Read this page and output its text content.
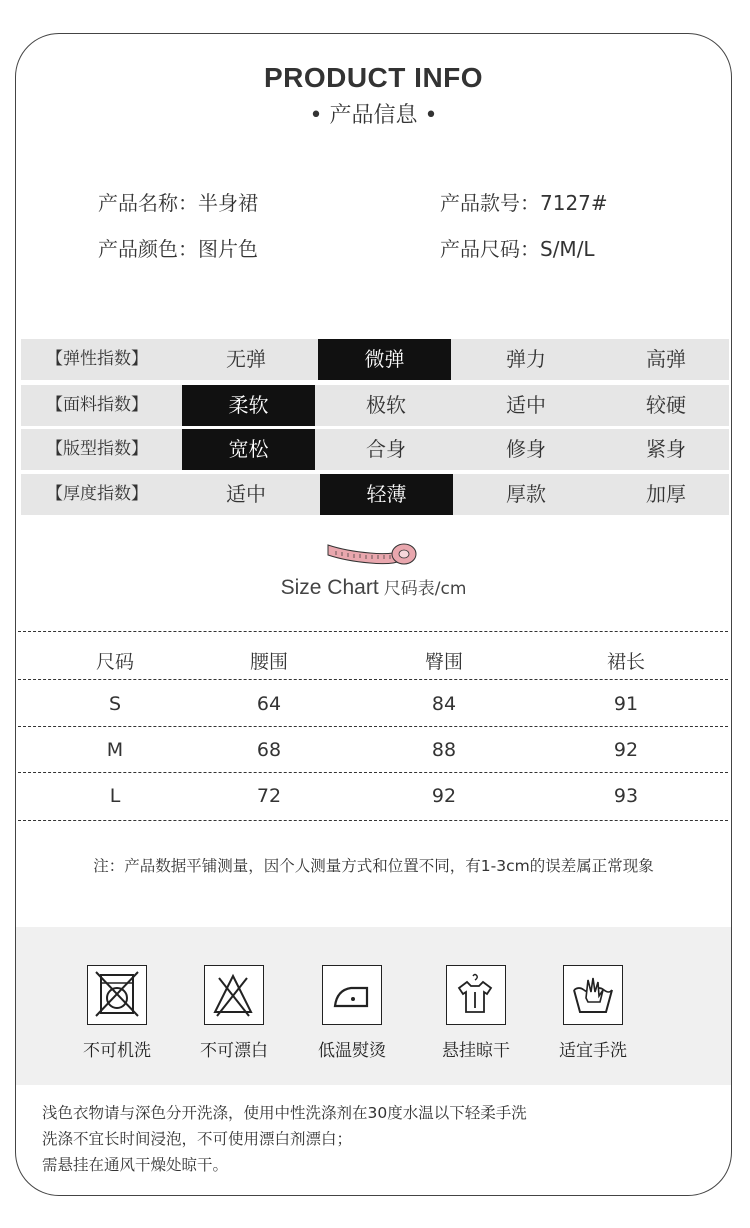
PRODUCT INFO
• 产品信息 •
产品名称：半身裙	产品款号：7127#
产品颜色：图片色	产品尺码：S/M/L
【弹性指数】	无弹	微弹	弹力	高弹
【面料指数】	柔软	极软	适中	较硬
【版型指数】	宽松	合身	修身	紧身
【厚度指数】	适中	轻薄	厚款	加厚
Size Chart 尺码表/cm
尺码	腰围	臀围	裙长
S	64	84	91
M	68	88	92
L	72	92	93
注：产品数据平铺测量，因个人测量方式和位置不同，有1-3cm的误差属正常现象
不可机洗	不可漂白	低温熨烫	悬挂晾干	适宜手洗
浅色衣物请与深色分开洗涤，使用中性洗涤剂在30度水温以下轻柔手洗
洗涤不宜长时间浸泡，不可使用漂白剂漂白；
需悬挂在通风干燥处晾干。
